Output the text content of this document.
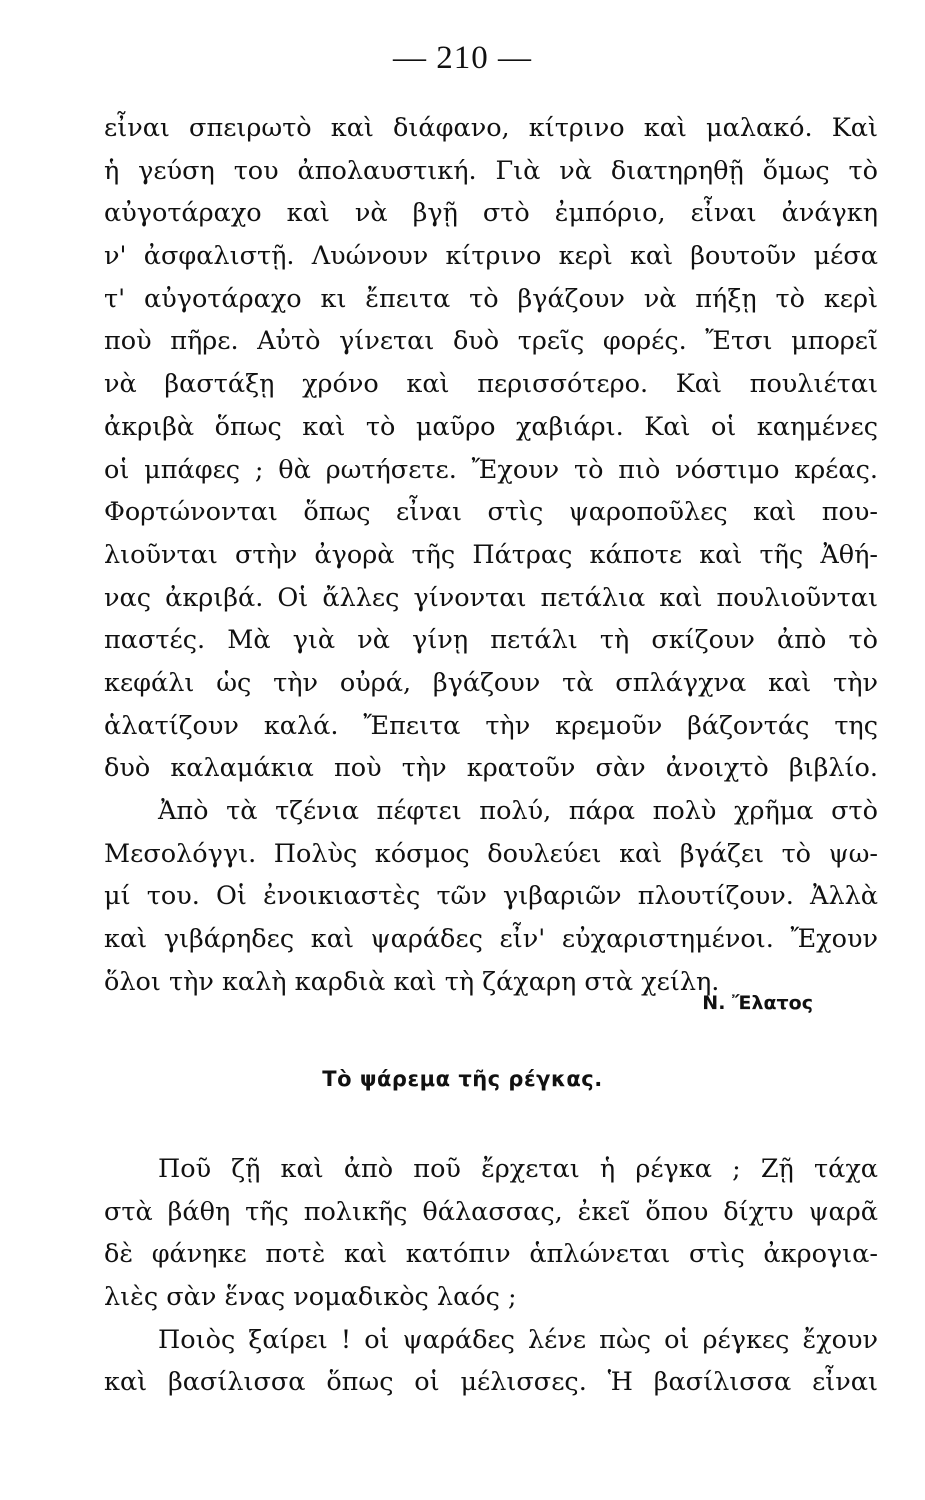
— 210 —
εἶναι σπειρωτὸ καὶ διάφανο, κίτρινο καὶ μαλακό. Καὶ
ἡ γεύση του ἀπολαυστική. Γιὰ νὰ διατηρηθῇ ὅμως τὸ
αὐγοτάραχο καὶ νὰ βγῇ στὸ ἐμπόριο, εἶναι ἀνάγκη
ν' ἀσφαλιστῇ. Λυώνουν κίτρινο κερὶ καὶ βουτοῦν μέσα
τ' αὐγοτάραχο κι ἔπειτα τὸ βγάζουν νὰ πήξῃ τὸ κερὶ
ποὺ πῆρε. Αὐτὸ γίνεται δυὸ τρεῖς φορές. Ἔτσι μπορεῖ
νὰ βαστάξῃ χρόνο καὶ περισσότερο. Καὶ πουλιέται
ἀκριβὰ ὅπως καὶ τὸ μαῦρο χαβιάρι. Καὶ οἱ καημένες
οἱ μπάφες ; θὰ ρωτήσετε. Ἔχουν τὸ πιὸ νόστιμο κρέας.
Φορτώνονται ὅπως εἶναι στὶς ψαροποῦλες καὶ που-
λιοῦνται στὴν ἀγορὰ τῆς Πάτρας κάποτε καὶ τῆς Ἀθή-
νας ἀκριβά. Οἱ ἄλλες γίνονται πετάλια καὶ πουλιοῦνται
παστές. Μὰ γιὰ νὰ γίνῃ πετάλι τὴ σκίζουν ἀπὸ τὸ
κεφάλι ὡς τὴν οὐρά, βγάζουν τὰ σπλάγχνα καὶ τὴν
ἁλατίζουν καλά. Ἔπειτα τὴν κρεμοῦν βάζοντάς της
δυὸ καλαμάκια ποὺ τὴν κρατοῦν σὰν ἀνοιχτὸ βιβλίο.
Ἀπὸ τὰ τζένια πέφτει πολύ, πάρα πολὺ χρῆμα στὸ
Μεσολόγγι. Πολὺς κόσμος δουλεύει καὶ βγάζει τὸ ψω-
μί του. Οἱ ἐνοικιαστὲς τῶν γιβαριῶν πλουτίζουν. Ἀλλὰ
καὶ γιβάρηδες καὶ ψαράδες εἶν' εὐχαριστημένοι. Ἔχουν
ὅλοι τὴν καλὴ καρδιὰ καὶ τὴ ζάχαρη στὰ χείλη.
Ν. Ἔλατος
Τὸ ψάρεμα τῆς ρέγκας.
Ποῦ ζῇ καὶ ἀπὸ ποῦ ἔρχεται ἡ ρέγκα ; Ζῇ τάχα
στὰ βάθη τῆς πολικῆς θάλασσας, ἐκεῖ ὅπου δίχτυ ψαρᾶ
δὲ φάνηκε ποτὲ καὶ κατόπιν ἁπλώνεται στὶς ἀκρογια-
λιὲς σὰν ἕνας νομαδικὸς λαός ;
Ποιὸς ξαίρει ! οἱ ψαράδες λένε πὼς οἱ ρέγκες ἔχουν
καὶ βασίλισσα ὅπως οἱ μέλισσες. Ἡ βασίλισσα εἶναι
